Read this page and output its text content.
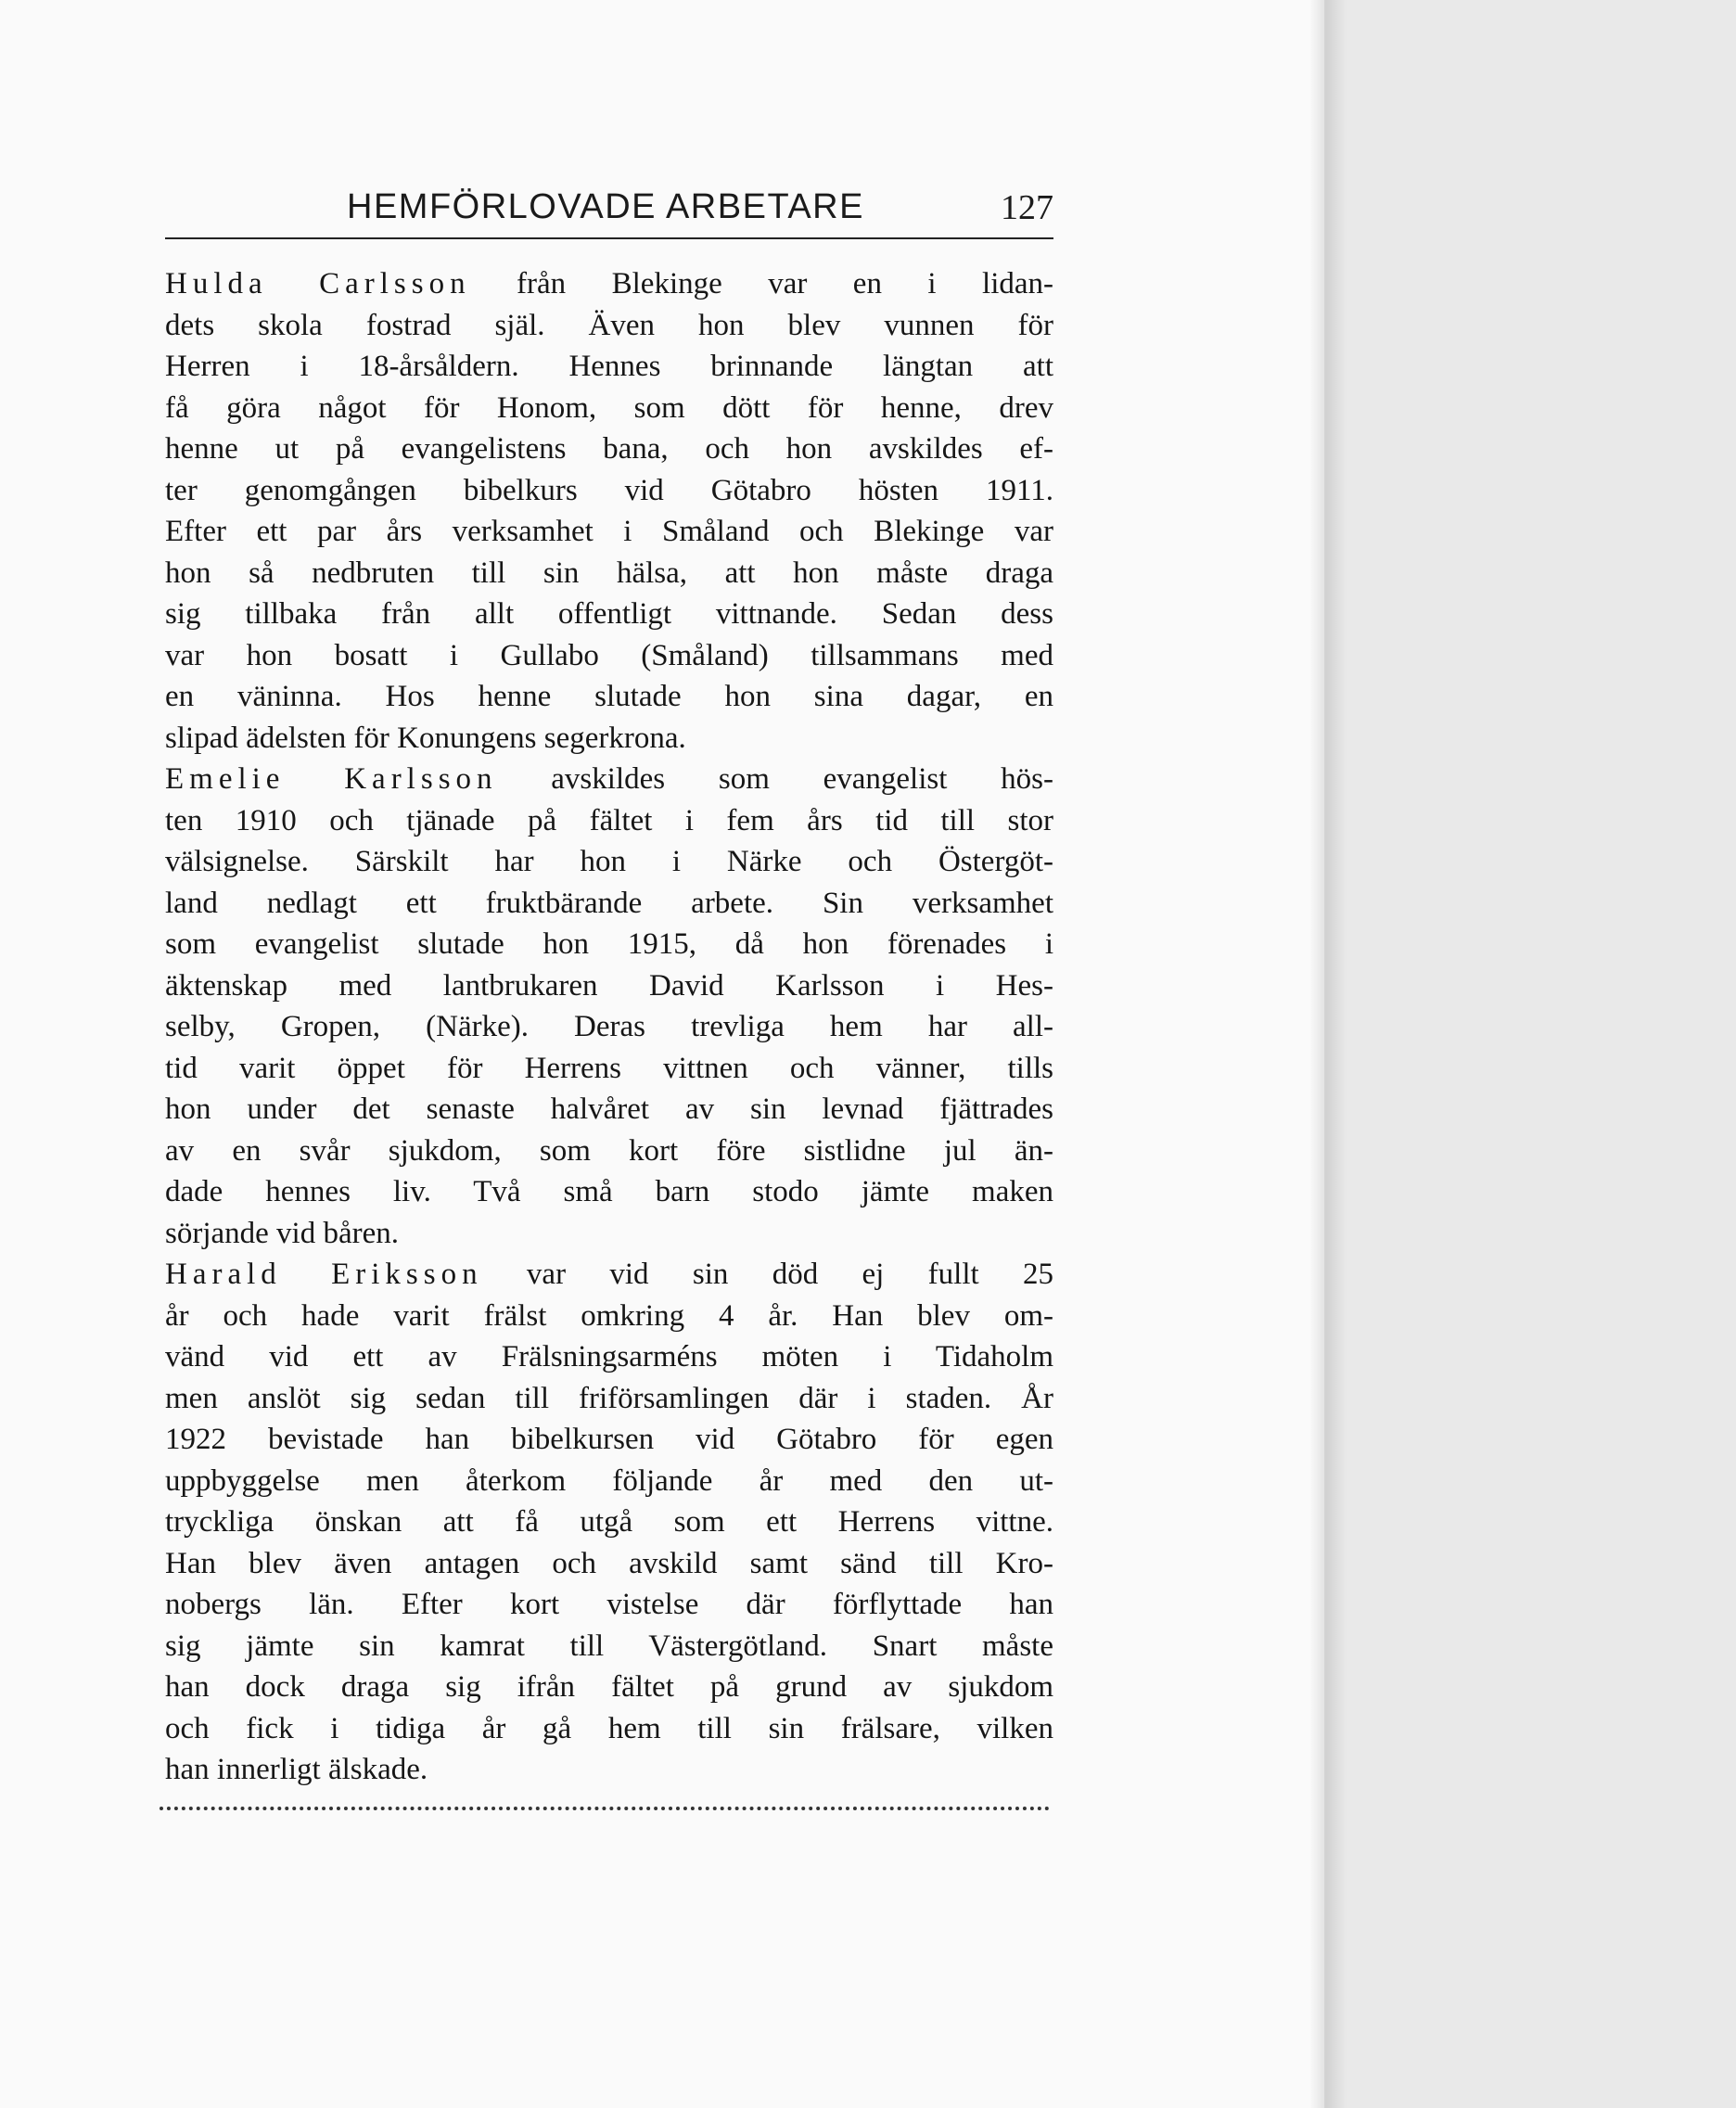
HEMFÖRLOVADE ARBETARE	127
Hulda Carlsson från Blekinge var en i lidan-
dets skola fostrad själ. Även hon blev vunnen för
Herren i 18-årsåldern. Hennes brinnande längtan att
få göra något för Honom, som dött för henne, drev
henne ut på evangelistens bana, och hon avskildes ef-
ter genomgången bibelkurs vid Götabro hösten 1911.
Efter ett par års verksamhet i Småland och Blekinge var
hon så nedbruten till sin hälsa, att hon måste draga
sig tillbaka från allt offentligt vittnande. Sedan dess
var hon bosatt i Gullabo (Småland) tillsammans med
en väninna. Hos henne slutade hon sina dagar, en
slipad ädelsten för Konungens segerkrona.
Emelie Karlsson avskildes som evangelist hös-
ten 1910 och tjänade på fältet i fem års tid till stor
välsignelse. Särskilt har hon i Närke och Östergöt-
land nedlagt ett fruktbärande arbete. Sin verksamhet
som evangelist slutade hon 1915, då hon förenades i
äktenskap med lantbrukaren David Karlsson i Hes-
selby, Gropen, (Närke). Deras trevliga hem har all-
tid varit öppet för Herrens vittnen och vänner, tills
hon under det senaste halvåret av sin levnad fjättrades
av en svår sjukdom, som kort före sistlidne jul än-
dade hennes liv. Två små barn stodo jämte maken
sörjande vid båren.
Harald Eriksson var vid sin död ej fullt 25
år och hade varit frälst omkring 4 år. Han blev om-
vänd vid ett av Frälsningsarméns möten i Tidaholm
men anslöt sig sedan till friförsamlingen där i staden. År
1922 bevistade han bibelkursen vid Götabro för egen
uppbyggelse men återkom följande år med den ut-
tryckliga önskan att få utgå som ett Herrens vittne.
Han blev även antagen och avskild samt sänd till Kro-
nobergs län. Efter kort vistelse där förflyttade han
sig jämte sin kamrat till Västergötland. Snart måste
han dock draga sig ifrån fältet på grund av sjukdom
och fick i tidiga år gå hem till sin frälsare, vilken
han innerligt älskade.
